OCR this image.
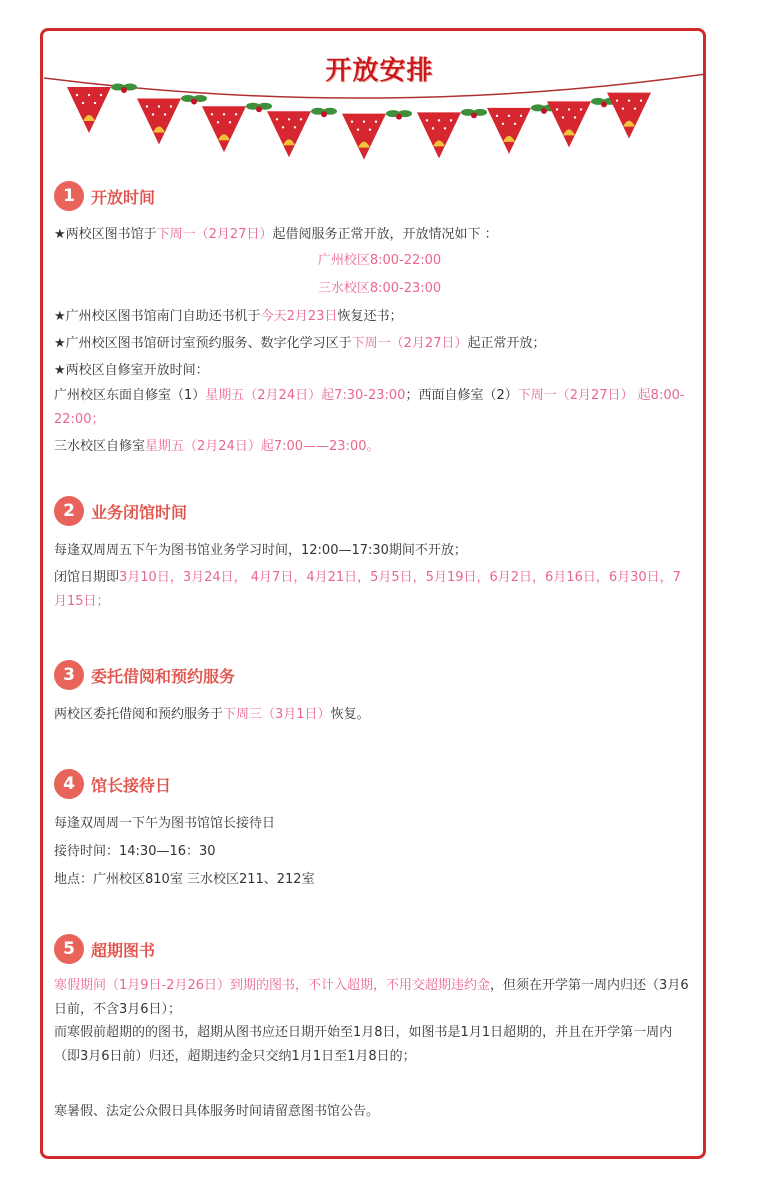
开放安排
1	开放时间
★两校区图书馆于下周一（2月27日）起借阅服务正常开放，开放情况如下 ：
广州校区8:00-22:00
三水校区8:00-23:00
★广州校区图书馆南门自助还书机于今天2月23日恢复还书；
★广州校区图书馆研讨室预约服务、数字化学习区于下周一（2月27日）起正常开放；
★两校区自修室开放时间：
广州校区东面自修室（1）星期五（2月24日）起7:30-23:00；西面自修室（2）下周一（2月27日） 起8:00-22:00；
三水校区自修室星期五（2月24日）起7:00——23:00。
2	业务闭馆时间
每逢双周周五下午为图书馆业务学习时间，12:00—17:30期间不开放；
闭馆日期即3月10日，3月24日， 4月7日，4月21日，5月5日，5月19日，6月2日，6月16日，6月30日，7月15日；
3	委托借阅和预约服务
两校区委托借阅和预约服务于下周三（3月1日）恢复。
4	馆长接待日
每逢双周周一下午为图书馆馆长接待日
接待时间：14:30—16：30
地点：广州校区810室 三水校区211、212室
5	超期图书
寒假期间（1月9日-2月26日）到期的图书，不计入超期，不用交超期违约金，但须在开学第一周内归还（3月6日前，不含3月6日）；
而寒假前超期的的图书，超期从图书应还日期开始至1月8日，如图书是1月1日超期的，并且在开学第一周内（即3月6日前）归还，超期违约金只交纳1月1日至1月8日的；
寒暑假、法定公众假日具体服务时间请留意图书馆公告。
